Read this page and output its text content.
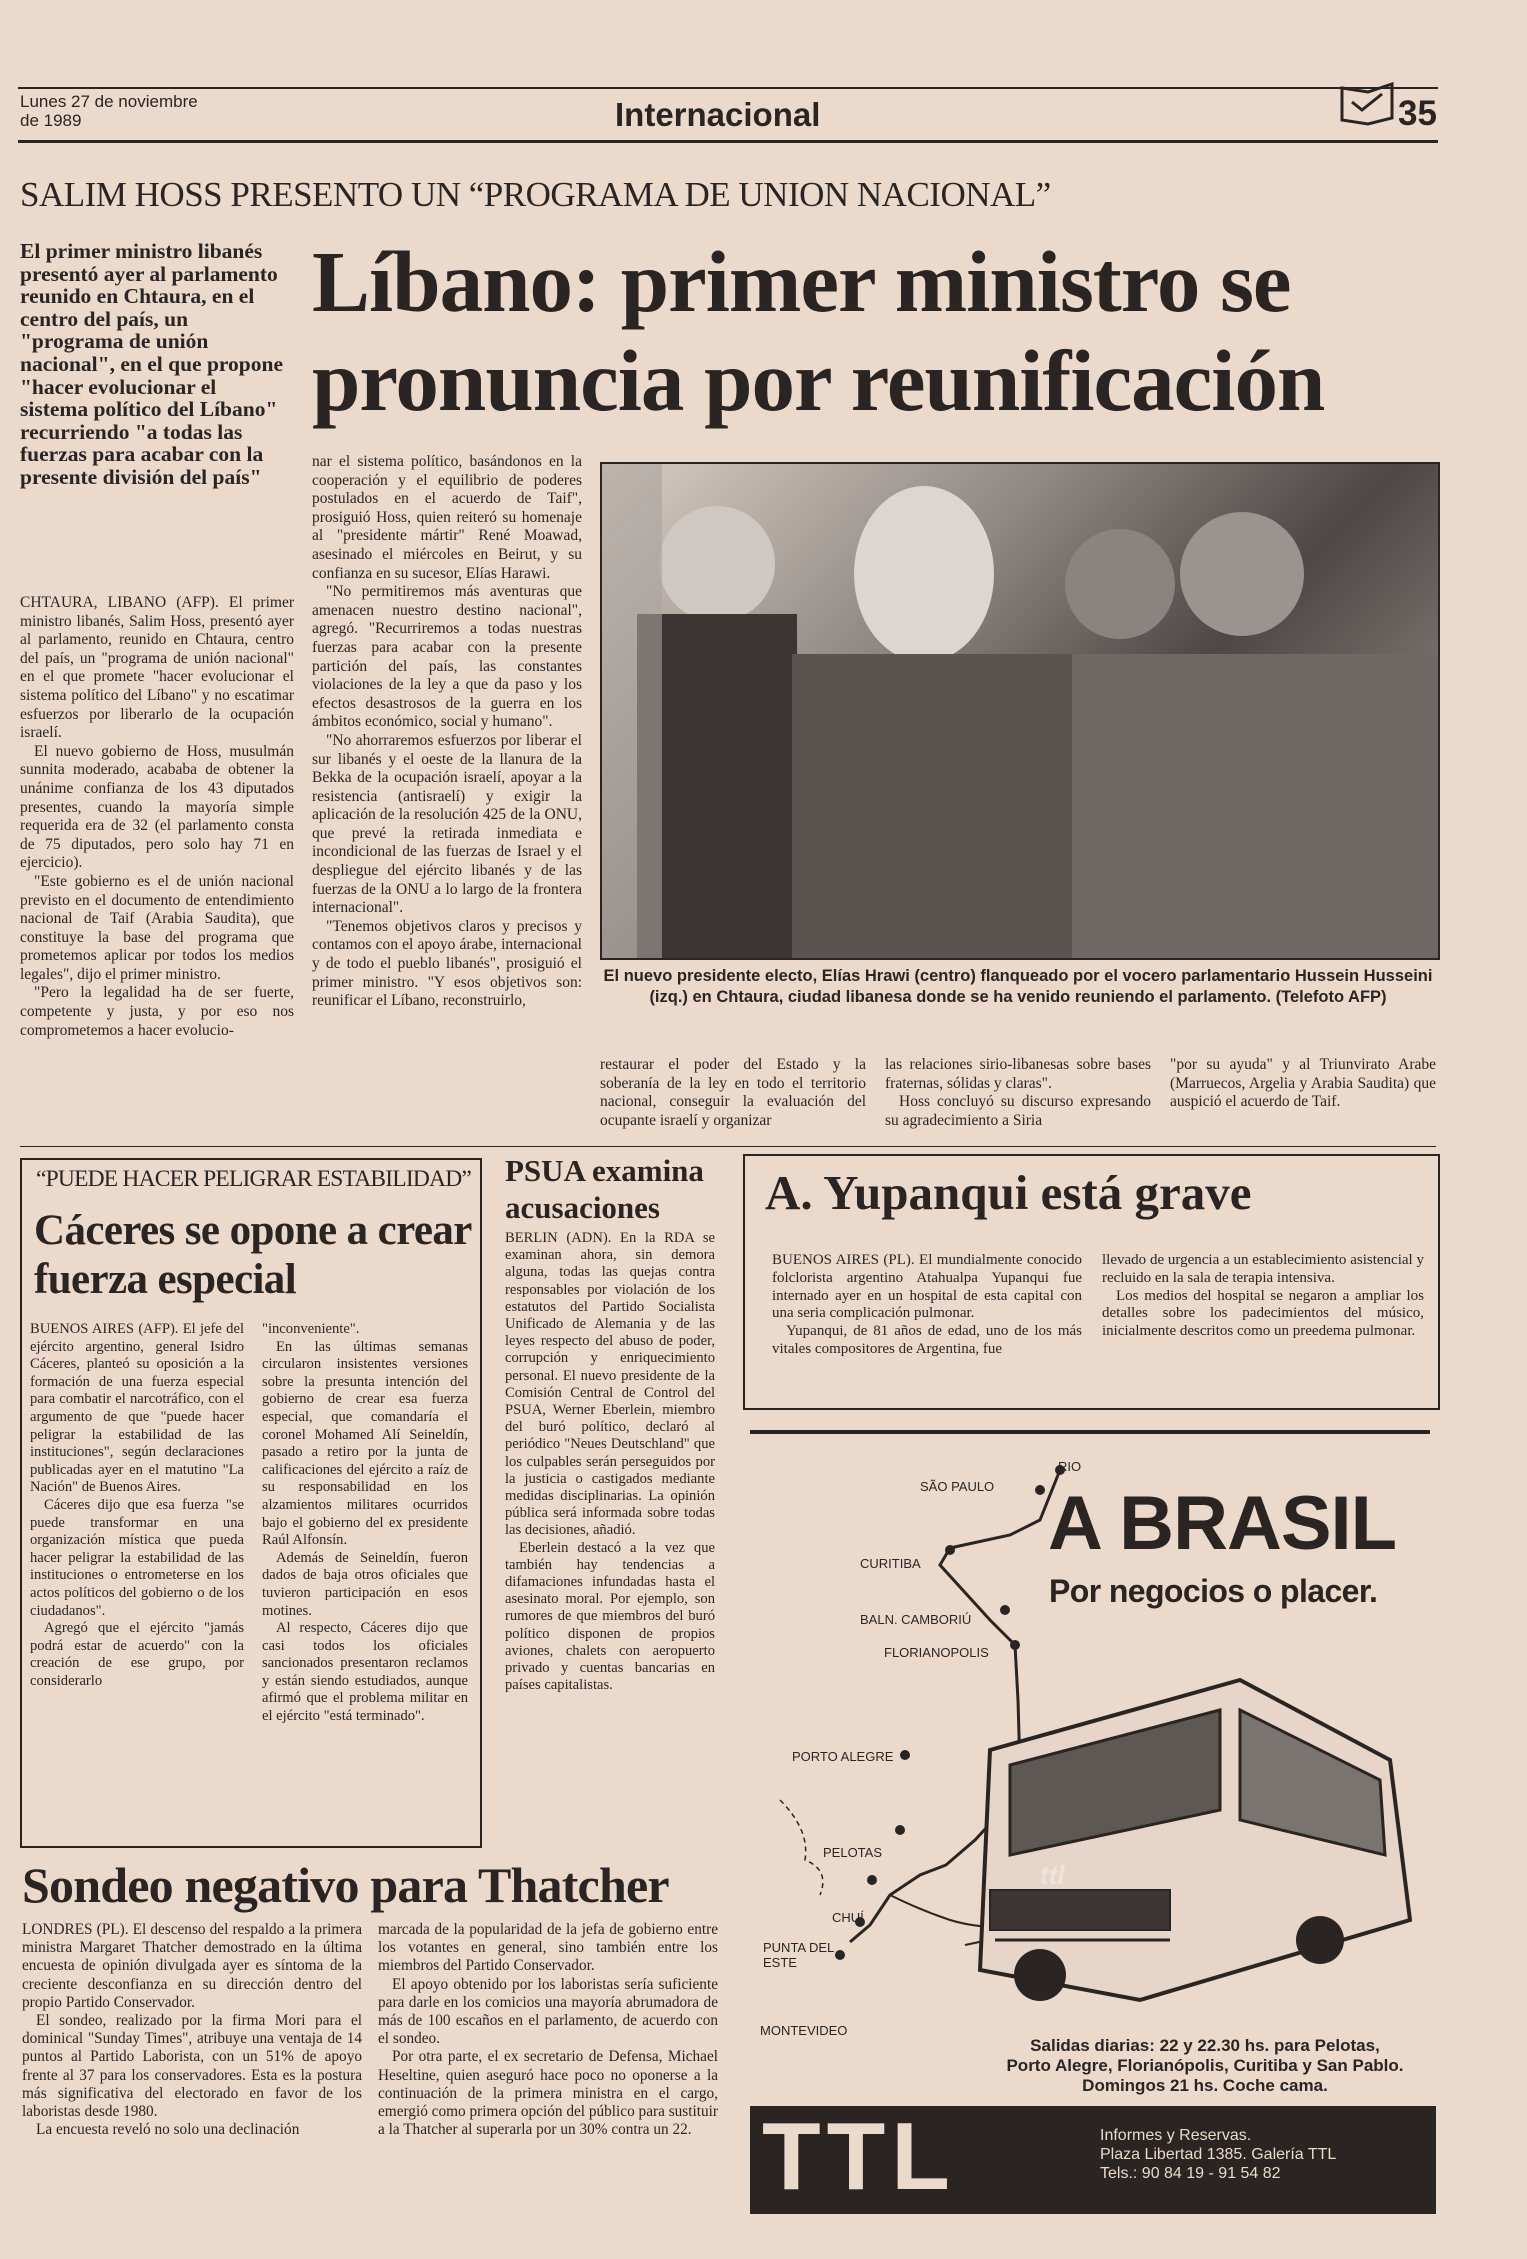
Lunes 27 de noviembre
de 1989	Internacional	35
SALIM HOSS PRESENTO UN “PROGRAMA DE UNION NACIONAL”
El primer ministro libanés presentó ayer al parlamento reunido en Chtaura, en el centro del país, un "programa de unión nacional", en el que propone "hacer evolucionar el sistema político del Líbano" recurriendo "a todas las fuerzas para acabar con la presente división del país"
Líbano: primer ministro se
pronuncia por reunificación

CHTAURA, LIBANO (AFP). El primer ministro libanés, Salim Hoss, presentó ayer al parlamento, reunido en Chtaura, centro del país, un "programa de unión nacional" en el que promete "hacer evolucionar el sistema político del Líbano" y no escatimar esfuerzos por liberarlo de la ocupación israelí.

El nuevo gobierno de Hoss, musulmán sunnita moderado, acababa de obtener la unánime confianza de los 43 diputados presentes, cuando la mayoría simple requerida era de 32 (el parlamento consta de 75 diputados, pero solo hay 71 en ejercicio).

"Este gobierno es el de unión nacional previsto en el documento de entendimiento nacional de Taif (Arabia Saudita), que constituye la base del programa que prometemos aplicar por todos los medios legales", dijo el primer ministro.

"Pero la legalidad ha de ser fuerte, competente y justa, y por eso nos comprometemos a hacer evolucio-

nar el sistema político, basándonos en la cooperación y el equilibrio de poderes postulados en el acuerdo de Taif", prosiguió Hoss, quien reiteró su homenaje al "presidente mártir" René Moawad, asesinado el miércoles en Beirut, y su confianza en su sucesor, Elías Harawi.

"No permitiremos más aventuras que amenacen nuestro destino nacional", agregó. "Recurriremos a todas nuestras fuerzas para acabar con la presente partición del país, las constantes violaciones de la ley a que da paso y los efectos desastrosos de la guerra en los ámbitos económico, social y humano".

"No ahorraremos esfuerzos por liberar el sur libanés y el oeste de la llanura de la Bekka de la ocupación israelí, apoyar a la resistencia (antisraelí) y exigir la aplicación de la resolución 425 de la ONU, que prevé la retirada inmediata e incondicional de las fuerzas de Israel y el despliegue del ejército libanés y de las fuerzas de la ONU a lo largo de la frontera internacional".

"Tenemos objetivos claros y precisos y contamos con el apoyo árabe, internacional y de todo el pueblo libanés", prosiguió el primer ministro. "Y esos objetivos son: reunificar el Líbano, reconstruirlo,

El nuevo presidente electo, Elías Hrawi (centro) flanqueado por el vocero parlamentario Hussein Husseini (izq.) en Chtaura, ciudad libanesa donde se ha venido reuniendo el parlamento. (Telefoto AFP)

restaurar el poder del Estado y la soberanía de la ley en todo el territorio nacional, conseguir la evaluación del ocupante israelí y organizar

las relaciones sirio-libanesas sobre bases fraternas, sólidas y claras".

Hoss concluyó su discurso expresando su agradecimiento a Siria

"por su ayuda" y al Triunvirato Arabe (Marruecos, Argelia y Arabia Saudita) que auspició el acuerdo de Taif.

“PUEDE HACER PELIGRAR ESTABILIDAD”
Cáceres se opone a crear fuerza especial

BUENOS AIRES (AFP). El jefe del ejército argentino, general Isidro Cáceres, planteó su oposición a la formación de una fuerza especial para combatir el narcotráfico, con el argumento de que "puede hacer peligrar la estabilidad de las instituciones", según declaraciones publicadas ayer en el matutino "La Nación" de Buenos Aires.

Cáceres dijo que esa fuerza "se puede transformar en una organización mística que pueda hacer peligrar la estabilidad de las instituciones o entrometerse en los actos políticos del gobierno o de los ciudadanos".

Agregó que el ejército "jamás podrá estar de acuerdo" con la creación de ese grupo, por considerarlo

"inconveniente".

En las últimas semanas circularon insistentes versiones sobre la presunta intención del gobierno de crear esa fuerza especial, que comandaría el coronel Mohamed Alí Seineldín, pasado a retiro por la junta de calificaciones del ejército a raíz de su responsabilidad en los alzamientos militares ocurridos bajo el gobierno del ex presidente Raúl Alfonsín.

Además de Seineldín, fueron dados de baja otros oficiales que tuvieron participación en esos motines.

Al respecto, Cáceres dijo que casi todos los oficiales sancionados presentaron reclamos y están siendo estudiados, aunque afirmó que el problema militar en el ejército "está terminado".

PSUA examina acusaciones

BERLIN (ADN). En la RDA se examinan ahora, sin demora alguna, todas las quejas contra responsables por violación de los estatutos del Partido Socialista Unificado de Alemania y de las leyes respecto del abuso de poder, corrupción y enriquecimiento personal. El nuevo presidente de la Comisión Central de Control del PSUA, Werner Eberlein, miembro del buró político, declaró al periódico "Neues Deutschland" que los culpables serán perseguidos por la justicia o castigados mediante medidas disciplinarias. La opinión pública será informada sobre todas las decisiones, añadió.

Eberlein destacó a la vez que también hay tendencias a difamaciones infundadas hasta el asesinato moral. Por ejemplo, son rumores de que miembros del buró político disponen de propios aviones, chalets con aeropuerto privado y cuentas bancarias en países capitalistas.

A. Yupanqui está grave

BUENOS AIRES (PL). El mundialmente conocido folclorista argentino Atahualpa Yupanqui fue internado ayer en un hospital de esta capital con una seria complicación pulmonar.

Yupanqui, de 81 años de edad, uno de los más vitales compositores de Argentina, fue

llevado de urgencia a un establecimiento asistencial y recluido en la sala de terapia intensiva.

Los medios del hospital se negaron a ampliar los detalles sobre los padecimientos del músico, inicialmente descritos como un preedema pulmonar.

Sondeo negativo para Thatcher

LONDRES (PL). El descenso del respaldo a la primera ministra Margaret Thatcher demostrado en la última encuesta de opinión divulgada ayer es síntoma de la creciente desconfianza en su dirección dentro del propio Partido Conservador.

El sondeo, realizado por la firma Mori para el dominical "Sunday Times", atribuye una ventaja de 14 puntos al Partido Laborista, con un 51% de apoyo frente al 37 para los conservadores. Esta es la postura más significativa del electorado en favor de los laboristas desde 1980.

La encuesta reveló no solo una declinación

marcada de la popularidad de la jefa de gobierno entre los votantes en general, sino también entre los miembros del Partido Conservador.

El apoyo obtenido por los laboristas sería suficiente para darle en los comicios una mayoría abrumadora de más de 100 escaños en el parlamento, de acuerdo con el sondeo.

Por otra parte, el ex secretario de Defensa, Michael Heseltine, quien aseguró hace poco no oponerse a la continuación de la primera ministra en el cargo, emergió como primera opción del público para sustituir a la Thatcher al superarla por un 30% contra un 22.

RIO
SÃO PAULO
CURITIBA
BALN. CAMBORIÚ
FLORIANOPOLIS
PORTO ALEGRE
PELOTAS
CHUÍ
PUNTA DEL ESTE
MONTEVIDEO
A BRASIL
Por negocios o placer.
ttl
Salidas diarias: 22 y 22.30 hs. para Pelotas,
Porto Alegre, Florianópolis, Curitiba y San Pablo.
Domingos 21 hs. Coche cama.
TTL	Informes y Reservas.
Plaza Libertad 1385. Galería TTL
Tels.: 90 84 19 - 91 54 82
